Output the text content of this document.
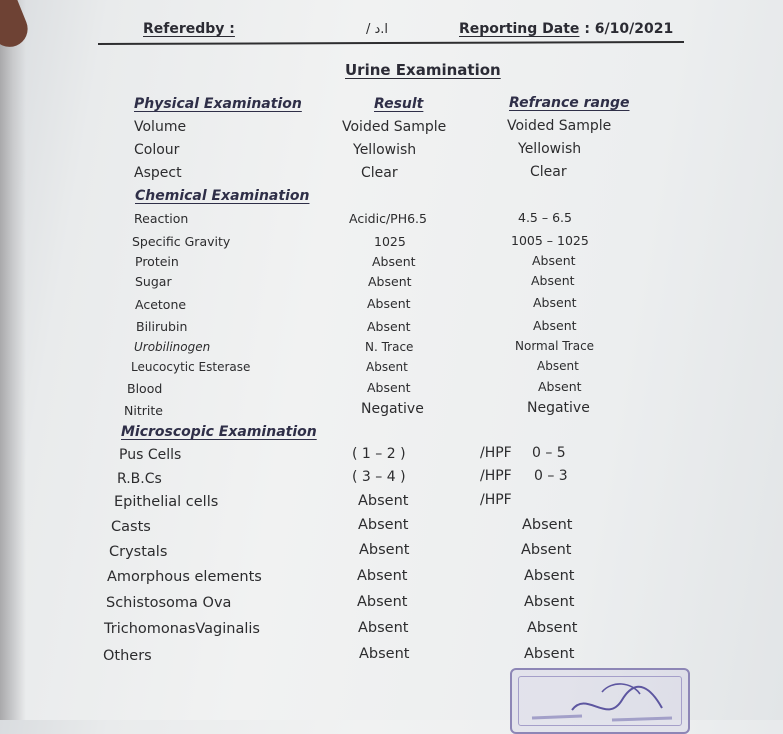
Referedby :	/ ا.د	Reporting Date : 6/10/2021
Urine Examination
Physical Examination	Result	Refrance range
Volume	Voided Sample	Voided Sample
Colour	Yellowish	Yellowish
Aspect	Clear	Clear
Chemical Examination
Reaction	Acidic/PH6.5	4.5 – 6.5
Specific Gravity	1025	1005 – 1025
Protein	Absent	Absent
Sugar	Absent	Absent
Acetone	Absent	Absent
Bilirubin	Absent	Absent
Urobilinogen	N. Trace	Normal Trace
Leucocytic Esterase	Absent	Absent
Blood	Absent	Absent
Nitrite	Negative	Negative
Microscopic Examination
Pus Cells	( 1 – 2 )	/HPF 0 – 5
R.B.Cs	( 3 – 4 )	/HPF 0 – 3
Epithelial cells	Absent	/HPF
Casts	Absent	Absent
Crystals	Absent	Absent
Amorphous elements	Absent	Absent
Schistosoma Ova	Absent	Absent
TrichomonasVaginalis	Absent	Absent
Others	Absent	Absent
